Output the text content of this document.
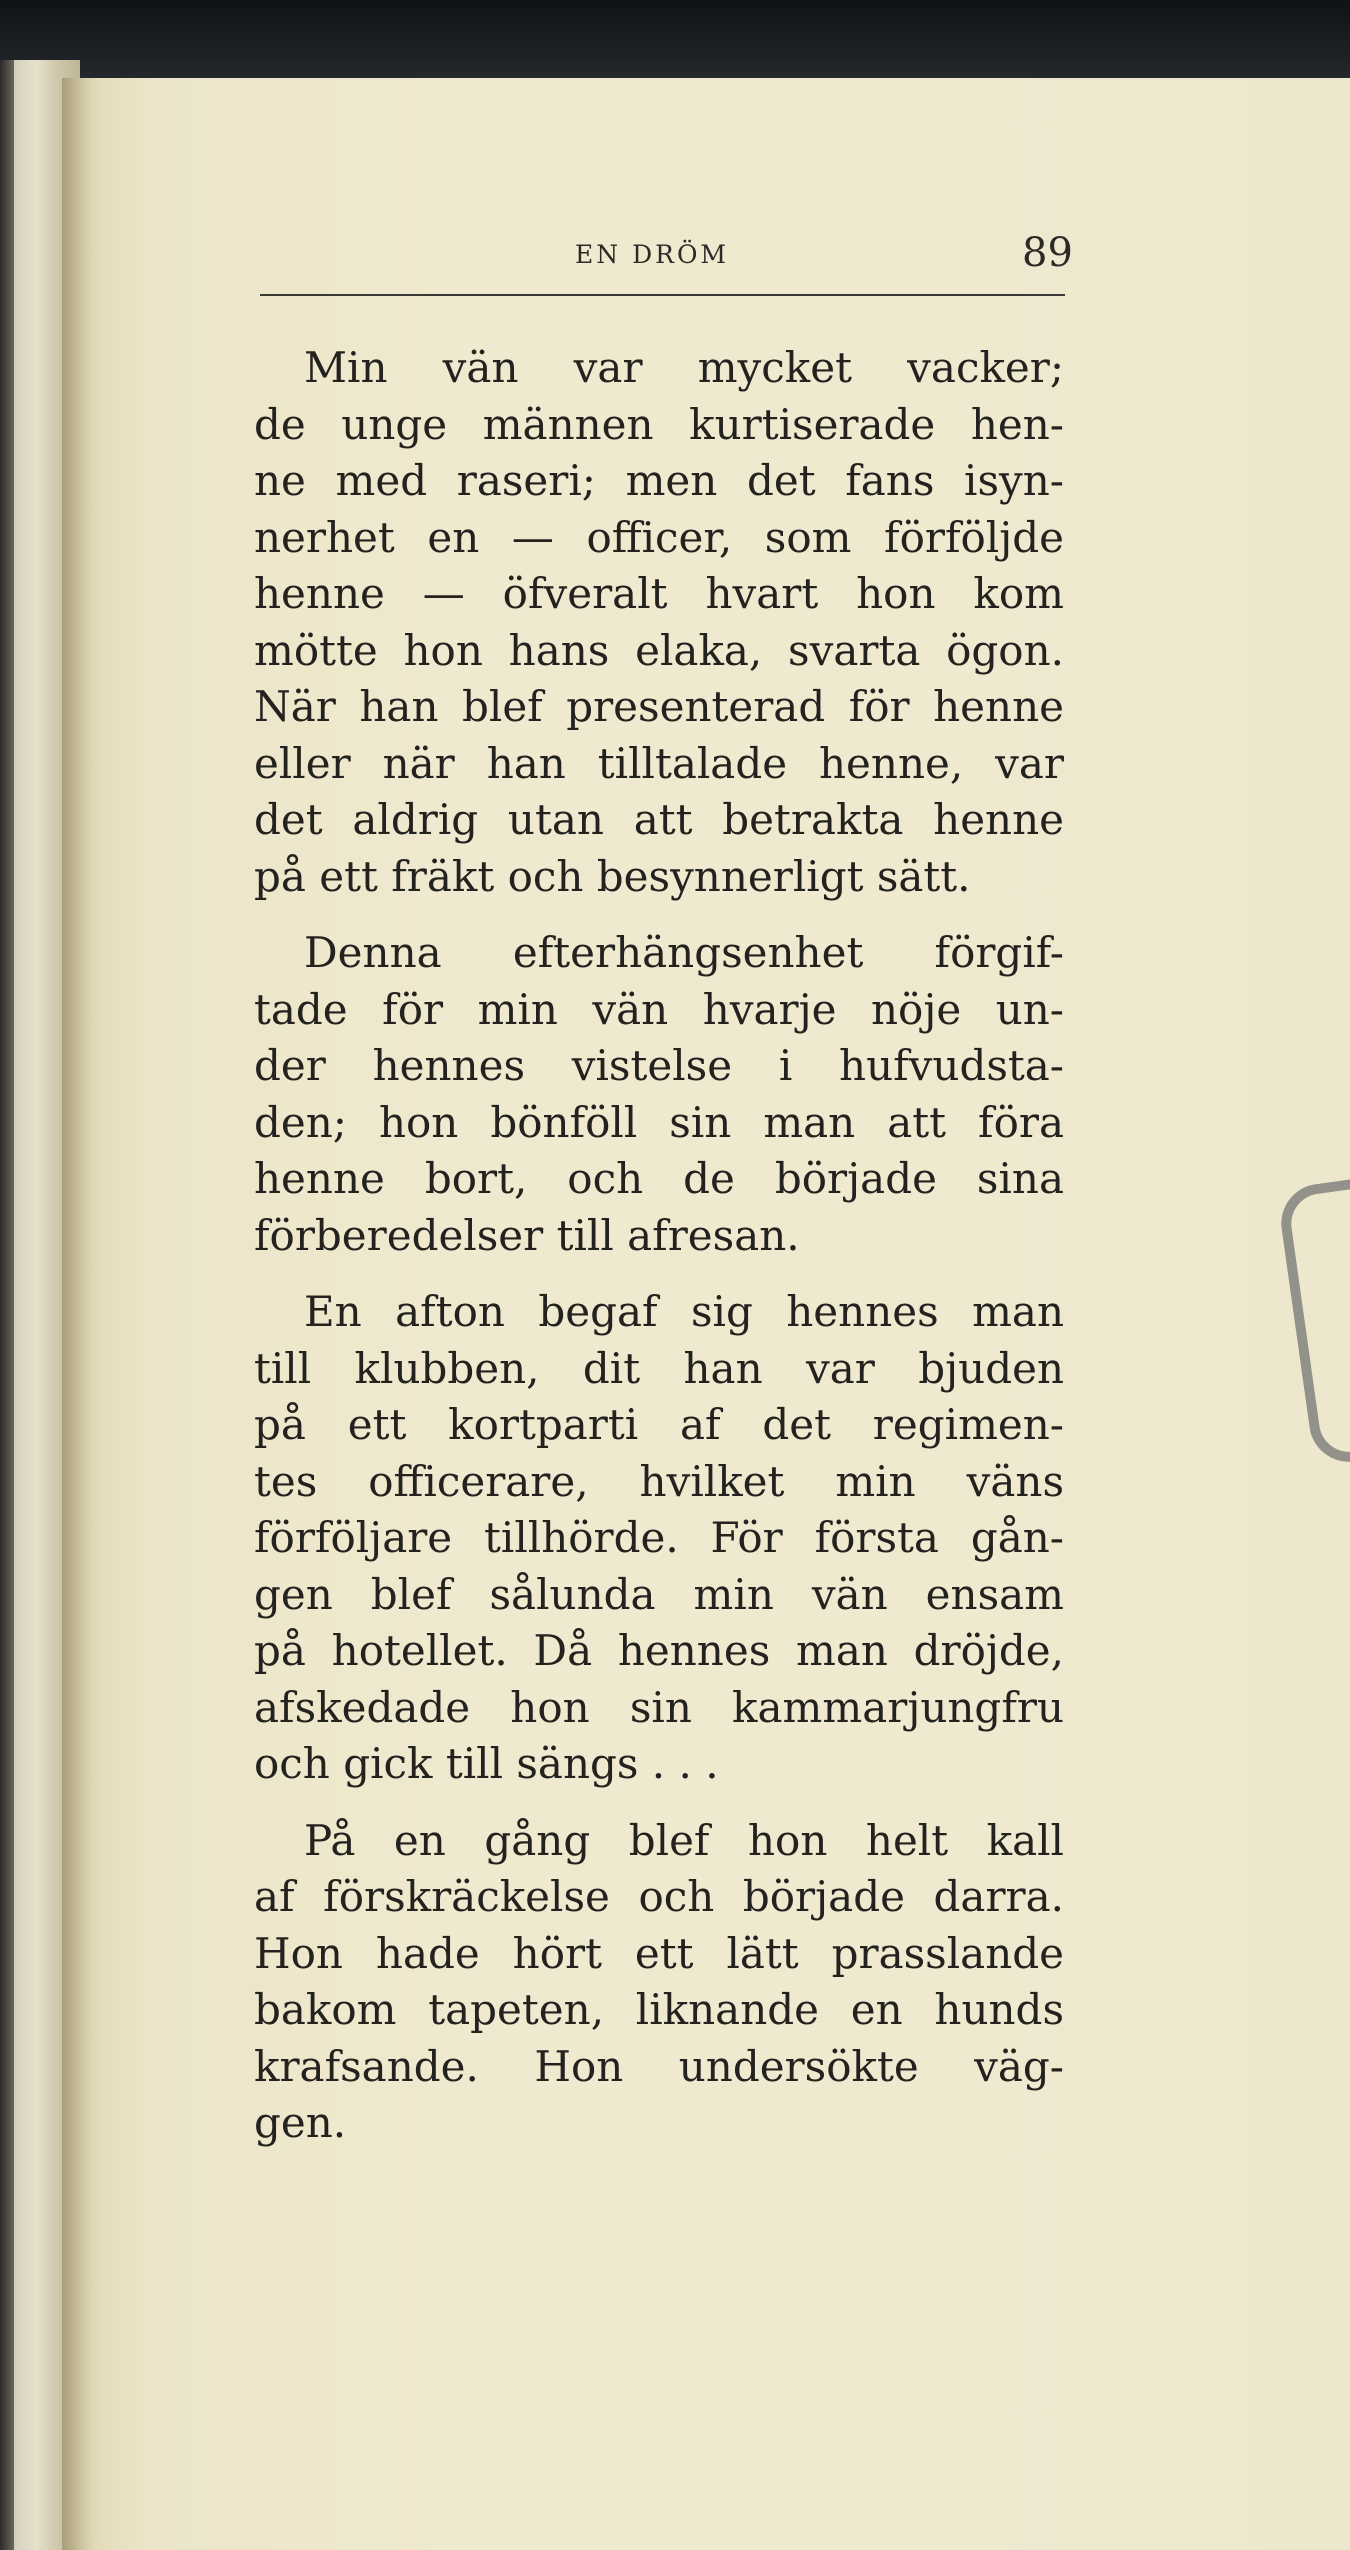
EN DRÖM	89

Min vän var mycket vacker;
de unge männen kurtiserade hen-
ne med raseri; men det fans isyn-
nerhet en — officer, som förföljde
henne — öfveralt hvart hon kom
mötte hon hans elaka, svarta ögon.
När han blef presenterad för henne
eller när han tilltalade henne, var
det aldrig utan att betrakta henne
på ett fräkt och besynnerligt sätt.

Denna efterhängsenhet förgif-
tade för min vän hvarje nöje un-
der hennes vistelse i hufvudsta-
den; hon bönföll sin man att föra
henne bort, och de började sina
förberedelser till afresan.

En afton begaf sig hennes man
till klubben, dit han var bjuden
på ett kortparti af det regimen-
tes officerare, hvilket min väns
förföljare tillhörde. För första gån-
gen blef sålunda min vän ensam
på hotellet. Då hennes man dröjde,
afskedade hon sin kammarjungfru
och gick till sängs . . .

På en gång blef hon helt kall
af förskräckelse och började darra.
Hon hade hört ett lätt prasslande
bakom tapeten, liknande en hunds
krafsande. Hon undersökte väg-
gen.
